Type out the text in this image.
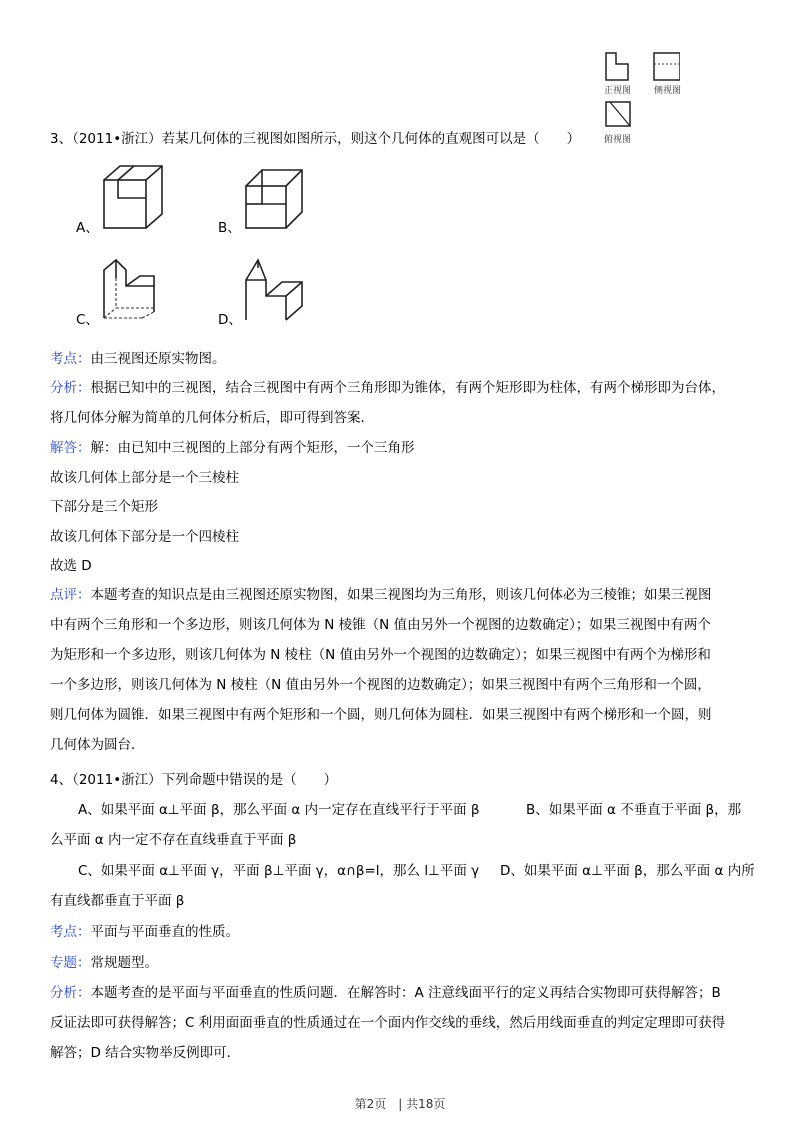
正视图	侧视图
俯视图
3、（2011•浙江）若某几何体的三视图如图所示，则这个几何体的直观图可以是（　　）
A、	B、
C、	D、
考点：由三视图还原实物图。
分析：根据已知中的三视图，结合三视图中有两个三角形即为锥体，有两个矩形即为柱体，有两个梯形即为台体，
将几何体分解为简单的几何体分析后，即可得到答案．
解答：解：由已知中三视图的上部分有两个矩形，一个三角形
故该几何体上部分是一个三棱柱
下部分是三个矩形
故该几何体下部分是一个四棱柱
故选 D
点评：本题考查的知识点是由三视图还原实物图，如果三视图均为三角形，则该几何体必为三棱锥；如果三视图
中有两个三角形和一个多边形，则该几何体为 N 棱锥（N 值由另外一个视图的边数确定）；如果三视图中有两个
为矩形和一个多边形，则该几何体为 N 棱柱（N 值由另外一个视图的边数确定）；如果三视图中有两个为梯形和
一个多边形，则该几何体为 N 棱柱（N 值由另外一个视图的边数确定）；如果三视图中有两个三角形和一个圆，
则几何体为圆锥．如果三视图中有两个矩形和一个圆，则几何体为圆柱．如果三视图中有两个梯形和一个圆，则
几何体为圆台．
4、（2011•浙江）下列命题中错误的是（　　）
A、如果平面 α⊥平面 β，那么平面 α 内一定存在直线平行于平面 β	B、如果平面 α 不垂直于平面 β，那
么平面 α 内一定不存在直线垂直于平面 β
C、如果平面 α⊥平面 γ，平面 β⊥平面 γ，α∩β=l，那么 l⊥平面 γ D、如果平面 α⊥平面 β，那么平面 α 内所
有直线都垂直于平面 β
考点：平面与平面垂直的性质。
专题：常规题型。
分析：本题考查的是平面与平面垂直的性质问题．在解答时：A 注意线面平行的定义再结合实物即可获得解答；B
反证法即可获得解答；C 利用面面垂直的性质通过在一个面内作交线的垂线，然后用线面垂直的判定定理即可获得
解答；D 结合实物举反例即可．
第2页　| 共18页
